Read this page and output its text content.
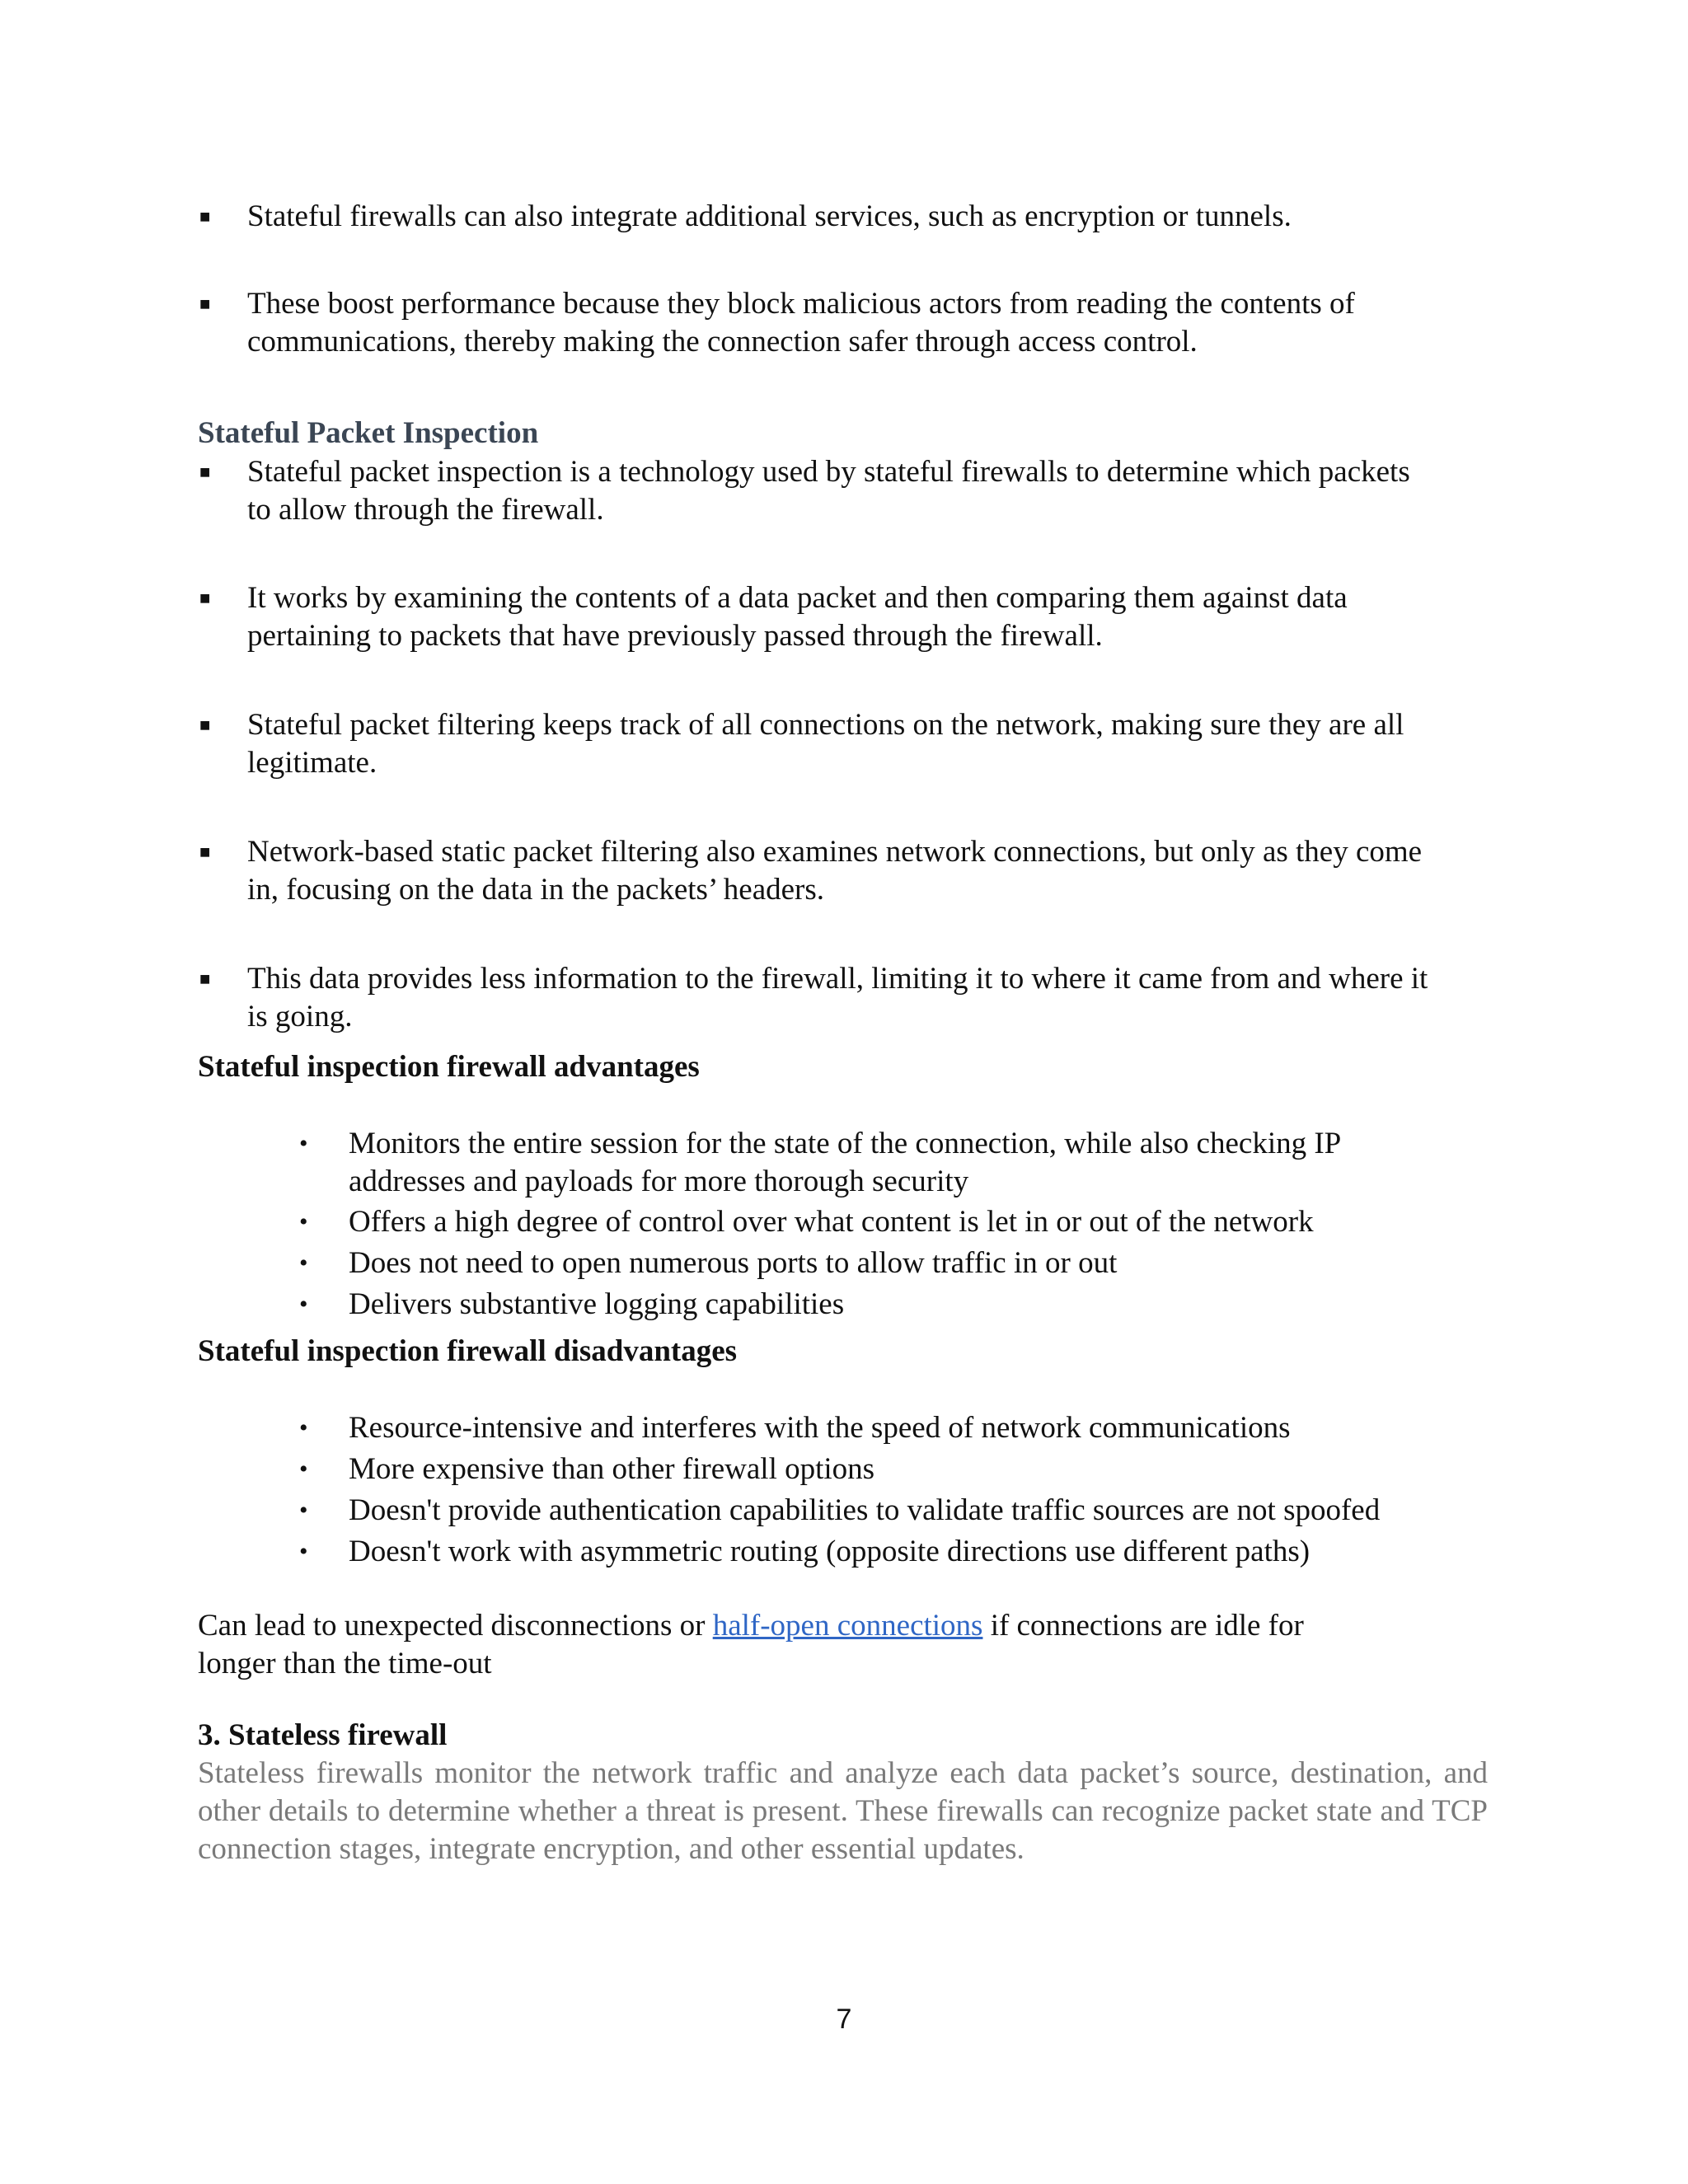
■ Stateful firewalls can also integrate additional services, such as encryption or tunnels.
■ These boost performance because they block malicious actors from reading the contents of communications, thereby making the connection safer through access control.
Stateful Packet Inspection
■ Stateful packet inspection is a technology used by stateful firewalls to determine which packets to allow through the firewall.
■ It works by examining the contents of a data packet and then comparing them against data pertaining to packets that have previously passed through the firewall.
■ Stateful packet filtering keeps track of all connections on the network, making sure they are all legitimate.
■ Network-based static packet filtering also examines network connections, but only as they come in, focusing on the data in the packets’ headers.
■ This data provides less information to the firewall, limiting it to where it came from and where it is going.
Stateful inspection firewall advantages
• Monitors the entire session for the state of the connection, while also checking IP addresses and payloads for more thorough security
• Offers a high degree of control over what content is let in or out of the network
• Does not need to open numerous ports to allow traffic in or out
• Delivers substantive logging capabilities
Stateful inspection firewall disadvantages
• Resource-intensive and interferes with the speed of network communications
• More expensive than other firewall options
• Doesn't provide authentication capabilities to validate traffic sources are not spoofed
• Doesn't work with asymmetric routing (opposite directions use different paths)
Can lead to unexpected disconnections or half-open connections if connections are idle for longer than the time-out
3. Stateless firewall
Stateless firewalls monitor the network traffic and analyze each data packet’s source, destination, and other details to determine whether a threat is present. These firewalls can recognize packet state and TCP connection stages, integrate encryption, and other essential updates.
7
